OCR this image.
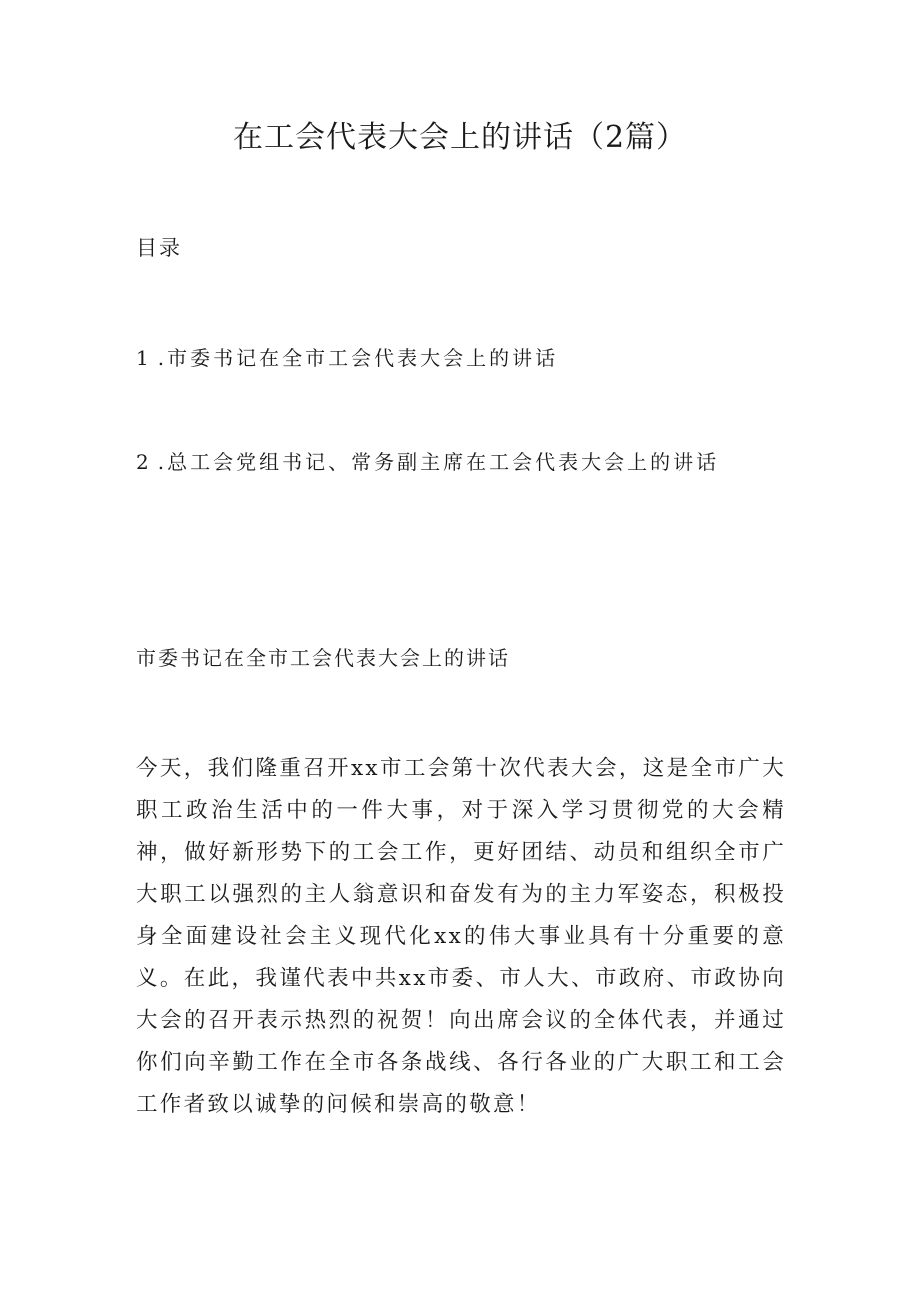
在工会代表大会上的讲话（2篇）
目录
1 .市委书记在全市工会代表大会上的讲话
2 .总工会党组书记、常务副主席在工会代表大会上的讲话
市委书记在全市工会代表大会上的讲话

今天，我们隆重召开xx市工会第十次代表大会，这是全市广大职工政治生活中的一件大事，对于深入学习贯彻党的大会精神，做好新形势下的工会工作，更好团结、动员和组织全市广大职工以强烈的主人翁意识和奋发有为的主力军姿态，积极投身全面建设社会主义现代化xx的伟大事业具有十分重要的意义。在此，我谨代表中共xx市委、市人大、市政府、市政协向大会的召开表示热烈的祝贺！向出席会议的全体代表，并通过你们向辛勤工作在全市各条战线、各行各业的广大职工和工会工作者致以诚挚的问候和崇高的敬意！
